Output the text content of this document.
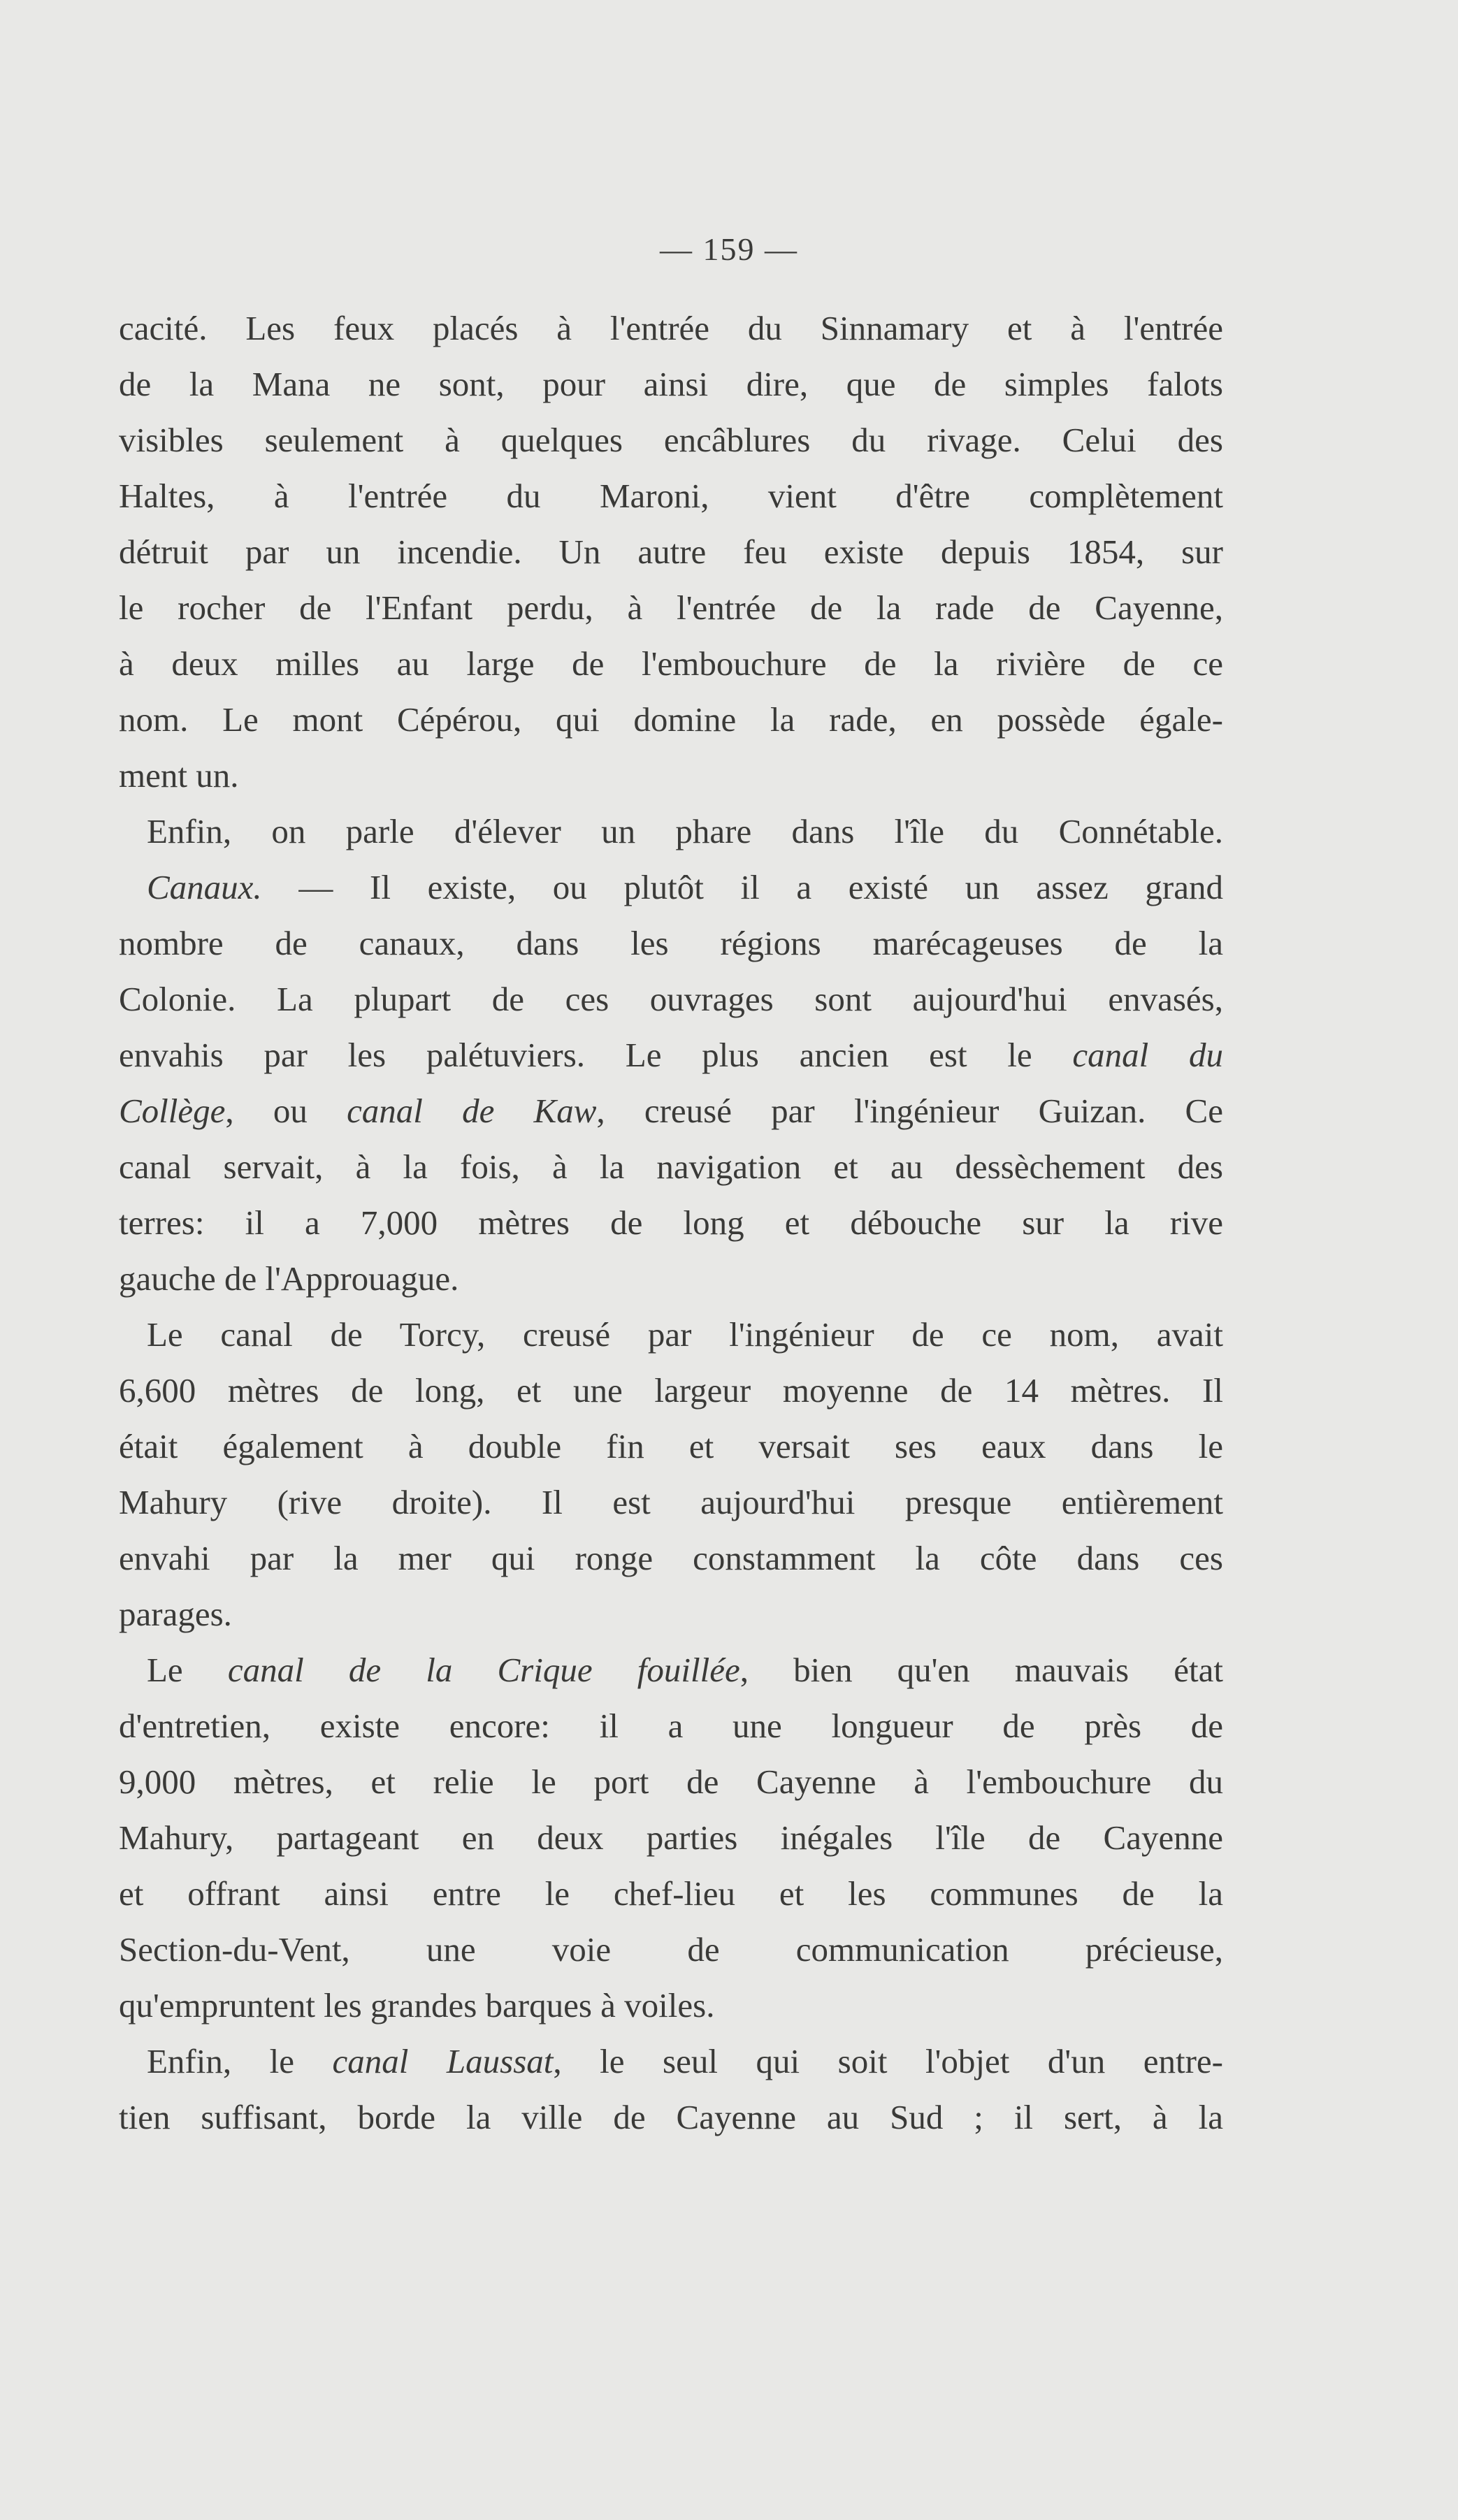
— 159 —
cacité. Les feux placés à l'entrée du Sinnamary et à l'entrée
de la Mana ne sont, pour ainsi dire, que de simples falots
visibles seulement à quelques encâblures du rivage. Celui des
Haltes, à l'entrée du Maroni, vient d'être complètement
détruit par un incendie. Un autre feu existe depuis 1854, sur
le rocher de l'Enfant perdu, à l'entrée de la rade de Cayenne,
à deux milles au large de l'embouchure de la rivière de ce
nom. Le mont Cépérou, qui domine la rade, en possède égale-
ment un.
Enfin, on parle d'élever un phare dans l'île du Connétable.
Canaux. — Il existe, ou plutôt il a existé un assez grand
nombre de canaux, dans les régions marécageuses de la
Colonie. La plupart de ces ouvrages sont aujourd'hui envasés,
envahis par les palétuviers. Le plus ancien est le canal du
Collège, ou canal de Kaw, creusé par l'ingénieur Guizan. Ce
canal servait, à la fois, à la navigation et au dessèchement des
terres: il a 7,000 mètres de long et débouche sur la rive
gauche de l'Approuague.
Le canal de Torcy, creusé par l'ingénieur de ce nom, avait
6,600 mètres de long, et une largeur moyenne de 14 mètres. Il
était également à double fin et versait ses eaux dans le
Mahury (rive droite). Il est aujourd'hui presque entièrement
envahi par la mer qui ronge constamment la côte dans ces
parages.
Le canal de la Crique fouillée, bien qu'en mauvais état
d'entretien, existe encore: il a une longueur de près de
9,000 mètres, et relie le port de Cayenne à l'embouchure du
Mahury, partageant en deux parties inégales l'île de Cayenne
et offrant ainsi entre le chef-lieu et les communes de la
Section-du-Vent, une voie de communication précieuse,
qu'empruntent les grandes barques à voiles.
Enfin, le canal Laussat, le seul qui soit l'objet d'un entre-
tien suffisant, borde la ville de Cayenne au Sud ; il sert, à la
